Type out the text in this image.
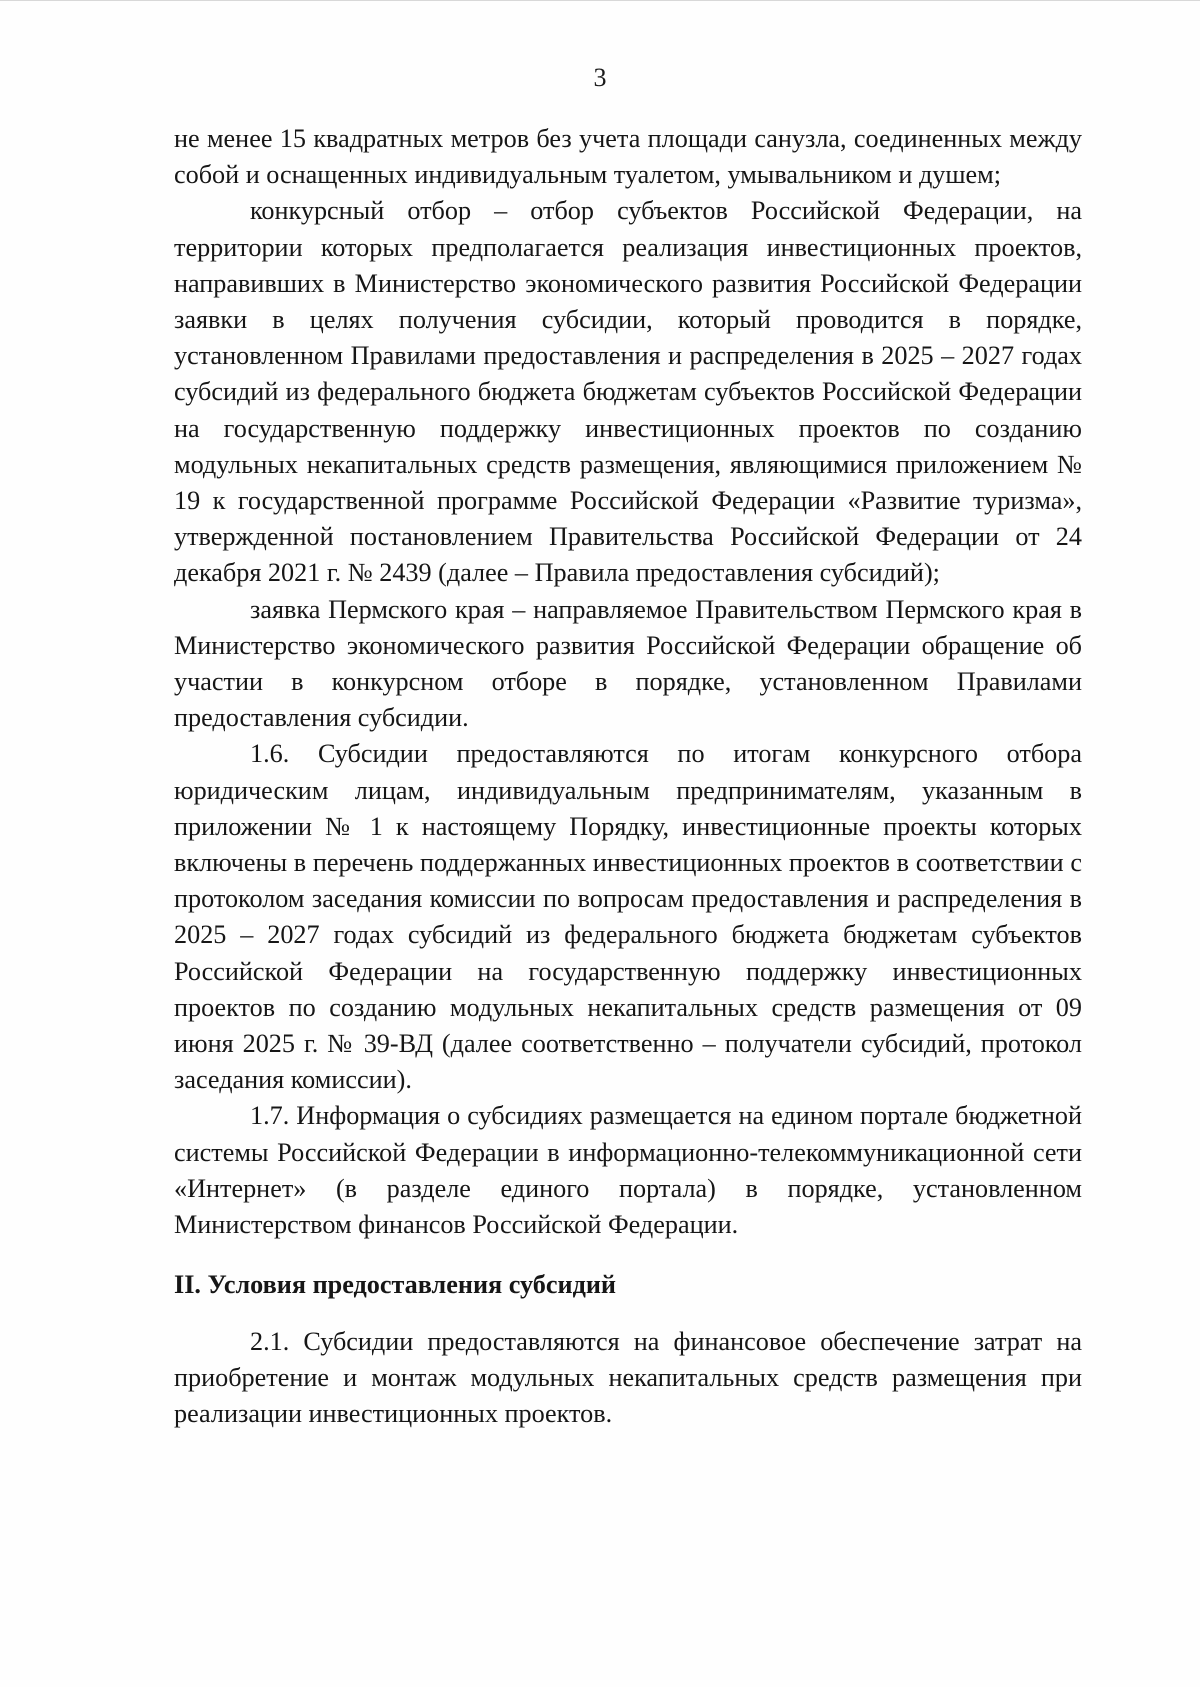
3

не менее 15 квадратных метров без учета площади санузла, соединенных между собой и оснащенных индивидуальным туалетом, умывальником и душем;

конкурсный отбор – отбор субъектов Российской Федерации, на территории которых предполагается реализация инвестиционных проектов, направивших в Министерство экономического развития Российской Федерации заявки в целях получения субсидии, который проводится в порядке, установленном Правилами предоставления и распределения в 2025 – 2027 годах субсидий из федерального бюджета бюджетам субъектов Российской Федерации на государственную поддержку инвестиционных проектов по созданию модульных некапитальных средств размещения, являющимися приложением № 19 к государственной программе Российской Федерации «Развитие туризма», утвержденной постановлением Правительства Российской Федерации от 24 декабря 2021 г. № 2439 (далее – Правила предоставления субсидий);

заявка Пермского края – направляемое Правительством Пермского края в Министерство экономического развития Российской Федерации обращение об участии в конкурсном отборе в порядке, установленном Правилами предоставления субсидии.

1.6. Субсидии предоставляются по итогам конкурсного отбора юридическим лицам, индивидуальным предпринимателям, указанным в приложении № 1 к настоящему Порядку, инвестиционные проекты которых включены в перечень поддержанных инвестиционных проектов в соответствии с протоколом заседания комиссии по вопросам предоставления и распределения в 2025 – 2027 годах субсидий из федерального бюджета бюджетам субъектов Российской Федерации на государственную поддержку инвестиционных проектов по созданию модульных некапитальных средств размещения от 09 июня 2025 г. № 39-ВД (далее соответственно – получатели субсидий, протокол заседания комиссии).

1.7. Информация о субсидиях размещается на едином портале бюджетной системы Российской Федерации в информационно-телекоммуникационной сети «Интернет» (в разделе единого портала) в порядке, установленном Министерством финансов Российской Федерации.

II. Условия предоставления субсидий

2.1. Субсидии предоставляются на финансовое обеспечение затрат на приобретение и монтаж модульных некапитальных средств размещения при реализации инвестиционных проектов.
